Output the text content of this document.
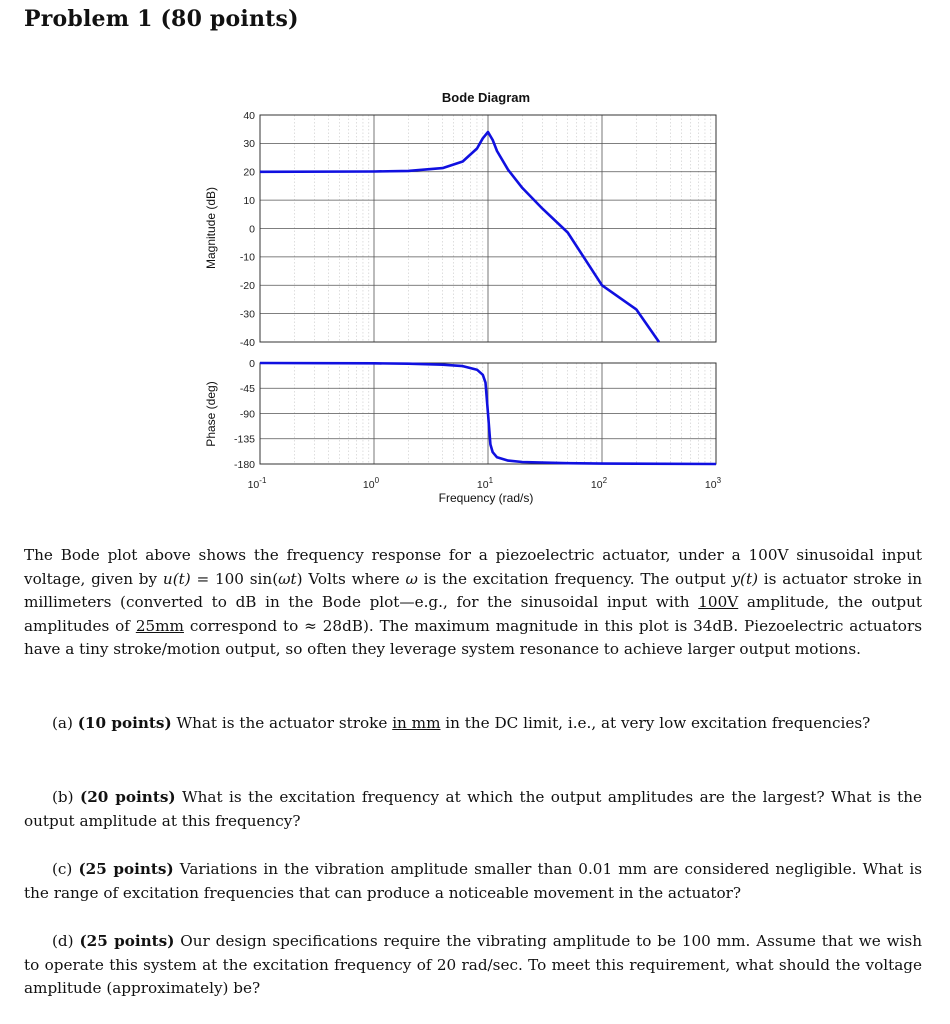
Problem 1 (80 points)
Bode Diagram
40
30
20
10
0
-10
-20
-30
-40
0
-45
-90
-135
-180
Frequency (rad/s)
Magnitude (dB)
Phase (deg)
$10^{-1}$	$10^0$	$10^1$	$10^2$	$10^3$
The Bode plot above shows the frequency response for a piezoelectric actuator, under a 100V sinusoidal input voltage, given by u(t) = 100 sin(ωt) Volts where ω is the excitation frequency. The output y(t) is actuator stroke in millimeters (converted to dB in the Bode plot—e.g., for the sinusoidal input with 100V amplitude, the output amplitudes of 25mm correspond to ≈ 28dB). The maximum magnitude in this plot is 34dB. Piezoelectric actuators have a tiny stroke/motion output, so often they leverage system resonance to achieve larger output motions.
(a) (10 points) What is the actuator stroke in mm in the DC limit, i.e., at very low excitation frequencies?
(b) (20 points) What is the excitation frequency at which the output amplitudes are the largest? What is the output amplitude at this frequency?
(c) (25 points) Variations in the vibration amplitude smaller than 0.01 mm are considered negligible. What is the range of excitation frequencies that can produce a noticeable movement in the actuator?
(d) (25 points) Our design specifications require the vibrating amplitude to be 100 mm. Assume that we wish to operate this system at the excitation frequency of 20 rad/sec. To meet this requirement, what should the voltage amplitude (approximately) be?
